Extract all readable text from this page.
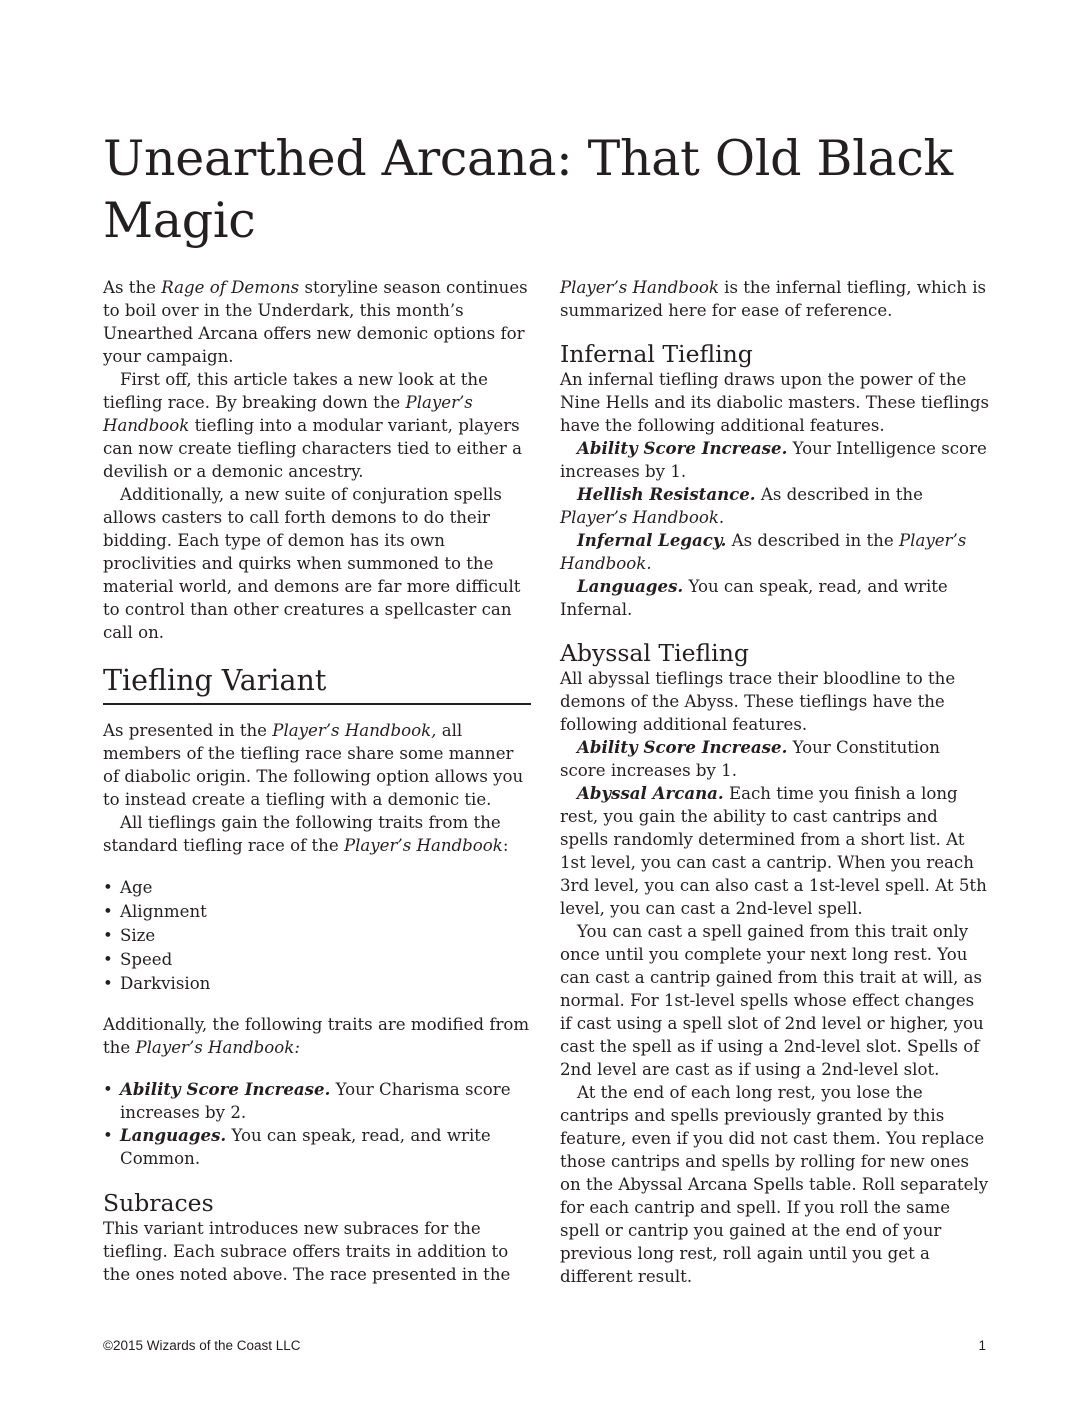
Unearthed Arcana: That Old Black Magic

As the Rage of Demons storyline season continues to boil over in the Underdark, this month’s Unearthed Arcana offers new demonic options for your campaign.

First off, this article takes a new look at the tiefling race. By breaking down the Player’s Handbook tiefling into a modular variant, players can now create tiefling characters tied to either a devilish or a demonic ancestry.

Additionally, a new suite of conjuration spells allows casters to call forth demons to do their bidding. Each type of demon has its own proclivities and quirks when summoned to the material world, and demons are far more difficult to control than other creatures a spellcaster can call on.

Tiefling Variant

As presented in the Player’s Handbook, all members of the tiefling race share some manner of diabolic origin. The following option allows you to instead create a tiefling with a demonic tie.

All tieflings gain the following traits from the standard tiefling race of the Player’s Handbook:

• Age
• Alignment
• Size
• Speed
• Darkvision

Additionally, the following traits are modified from the Player’s Handbook:

• Ability Score Increase. Your Charisma score increases by 2.
• Languages. You can speak, read, and write Common.
Subraces

This variant introduces new subraces for the tiefling. Each subrace offers traits in addition to the ones noted above. The race presented in the

Player’s Handbook is the infernal tiefling, which is summarized here for ease of reference.

Infernal Tiefling

An infernal tiefling draws upon the power of the Nine Hells and its diabolic masters. These tieflings have the following additional features.

Ability Score Increase. Your Intelligence score increases by 1.

Hellish Resistance. As described in the Player’s Handbook.

Infernal Legacy. As described in the Player’s Handbook.

Languages. You can speak, read, and write Infernal.

Abyssal Tiefling

All abyssal tieflings trace their bloodline to the demons of the Abyss. These tieflings have the following additional features.

Ability Score Increase. Your Constitution score increases by 1.

Abyssal Arcana. Each time you finish a long rest, you gain the ability to cast cantrips and spells randomly determined from a short list. At 1st level, you can cast a cantrip. When you reach 3rd level, you can also cast a 1st-level spell. At 5th level, you can cast a 2nd-level spell.

You can cast a spell gained from this trait only once until you complete your next long rest. You can cast a cantrip gained from this trait at will, as normal. For 1st-level spells whose effect changes if cast using a spell slot of 2nd level or higher, you cast the spell as if using a 2nd-level slot. Spells of 2nd level are cast as if using a 2nd-level slot.

At the end of each long rest, you lose the cantrips and spells previously granted by this feature, even if you did not cast them. You replace those cantrips and spells by rolling for new ones on the Abyssal Arcana Spells table. Roll separately for each cantrip and spell. If you roll the same spell or cantrip you gained at the end of your previous long rest, roll again until you get a different result.

©2015 Wizards of the Coast LLC	1
